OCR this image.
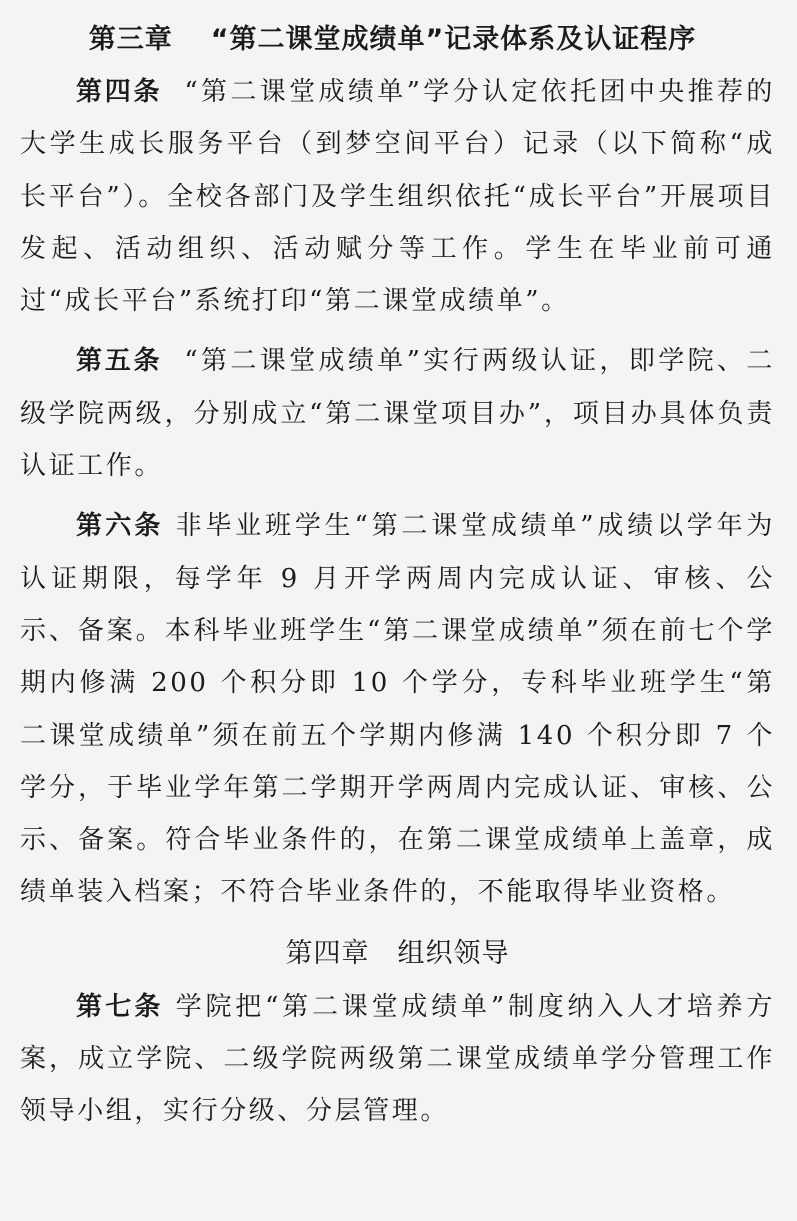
第三章 “第二课堂成绩单”记录体系及认证程序

第四条 “第二课堂成绩单”学分认定依托团中央推荐的大学生成长服务平台（到梦空间平台）记录（以下简称“成长平台”）。全校各部门及学生组织依托“成长平台”开展项目发起、活动组织、活动赋分等工作。学生在毕业前可通过“成长平台”系统打印“第二课堂成绩单”。

第五条 “第二课堂成绩单”实行两级认证，即学院、二级学院两级，分别成立“第二课堂项目办”，项目办具体负责认证工作。

第六条 非毕业班学生“第二课堂成绩单”成绩以学年为认证期限，每学年 9 月开学两周内完成认证、审核、公示、备案。本科毕业班学生“第二课堂成绩单”须在前七个学期内修满 200 个积分即 10 个学分，专科毕业班学生“第二课堂成绩单”须在前五个学期内修满 140 个积分即 7 个学分，于毕业学年第二学期开学两周内完成认证、审核、公示、备案。符合毕业条件的，在第二课堂成绩单上盖章，成绩单装入档案；不符合毕业条件的，不能取得毕业资格。

第四章 组织领导

第七条 学院把“第二课堂成绩单”制度纳入人才培养方案，成立学院、二级学院两级第二课堂成绩单学分管理工作领导小组，实行分级、分层管理。
